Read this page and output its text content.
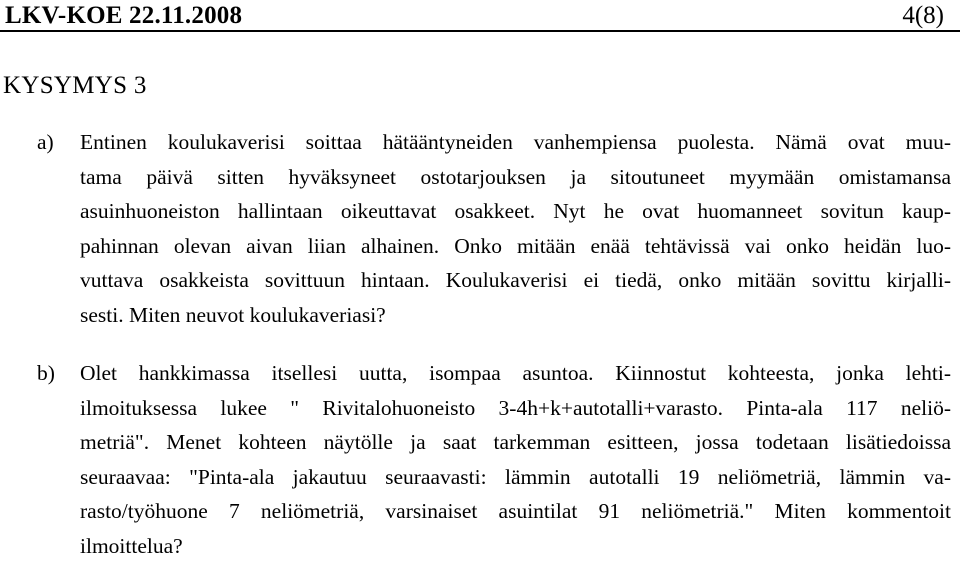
LKV-KOE 22.11.2008	4(8)
KYSYMYS 3
a) Entinen koulukaverisi soittaa hätääntyneiden vanhempiensa puolesta. Nämä ovat muu-
tama päivä sitten hyväksyneet ostotarjouksen ja sitoutuneet myymään omistamansa
asuinhuoneiston hallintaan oikeuttavat osakkeet. Nyt he ovat huomanneet sovitun kaup-
pahinnan olevan aivan liian alhainen. Onko mitään enää tehtävissä vai onko heidän luo-
vuttava osakkeista sovittuun hintaan. Koulukaverisi ei tiedä, onko mitään sovittu kirjalli-
sesti. Miten neuvot koulukaveriasi?
b) Olet hankkimassa itsellesi uutta, isompaa asuntoa. Kiinnostut kohteesta, jonka lehti-
ilmoituksessa lukee " Rivitalohuoneisto 3-4h+k+autotalli+varasto. Pinta-ala 117 neliö-
metriä". Menet kohteen näytölle ja saat tarkemman esitteen, jossa todetaan lisätiedoissa
seuraavaa: "Pinta-ala jakautuu seuraavasti: lämmin autotalli 19 neliömetriä, lämmin va-
rasto/työhuone 7 neliömetriä, varsinaiset asuintilat 91 neliömetriä." Miten kommentoit
ilmoittelua?
